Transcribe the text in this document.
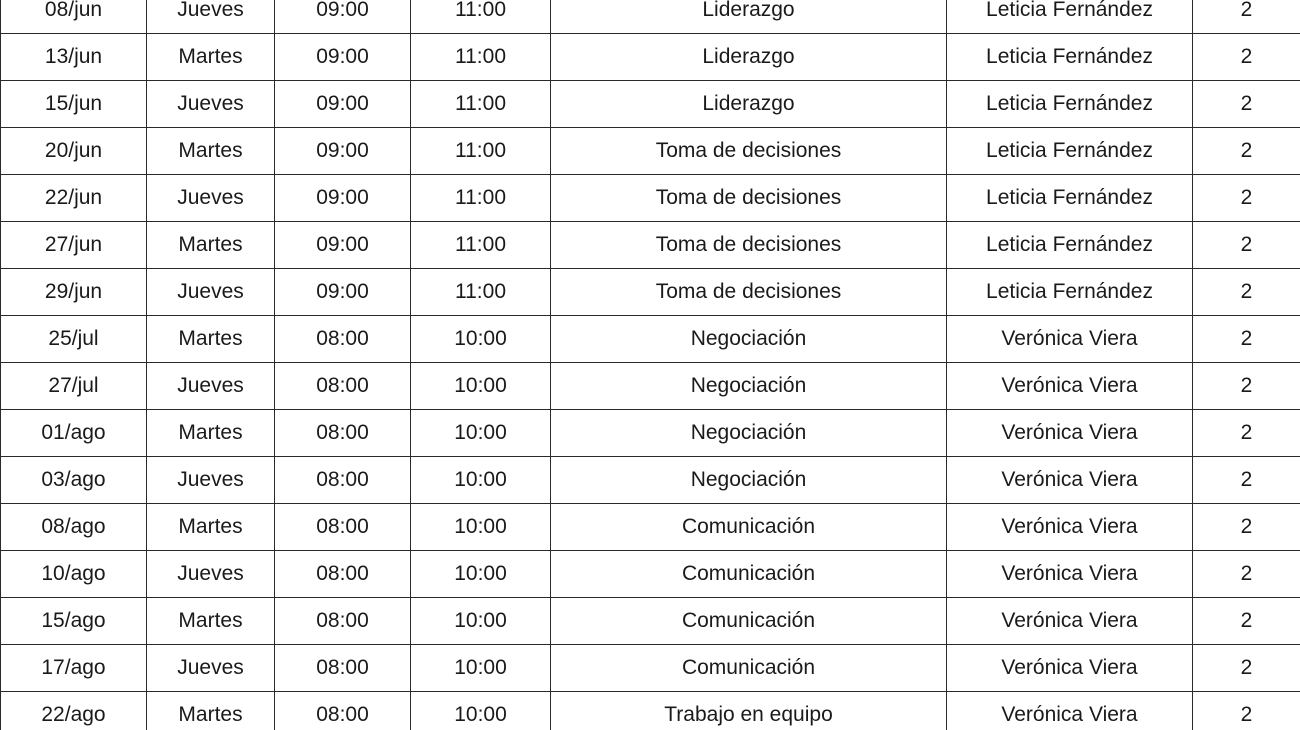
08/jun	Jueves	09:00	11:00	Liderazgo	Leticia Fernández	2
13/jun	Martes	09:00	11:00	Liderazgo	Leticia Fernández	2
15/jun	Jueves	09:00	11:00	Liderazgo	Leticia Fernández	2
20/jun	Martes	09:00	11:00	Toma de decisiones	Leticia Fernández	2
22/jun	Jueves	09:00	11:00	Toma de decisiones	Leticia Fernández	2
27/jun	Martes	09:00	11:00	Toma de decisiones	Leticia Fernández	2
29/jun	Jueves	09:00	11:00	Toma de decisiones	Leticia Fernández	2
25/jul	Martes	08:00	10:00	Negociación	Verónica Viera	2
27/jul	Jueves	08:00	10:00	Negociación	Verónica Viera	2
01/ago	Martes	08:00	10:00	Negociación	Verónica Viera	2
03/ago	Jueves	08:00	10:00	Negociación	Verónica Viera	2
08/ago	Martes	08:00	10:00	Comunicación	Verónica Viera	2
10/ago	Jueves	08:00	10:00	Comunicación	Verónica Viera	2
15/ago	Martes	08:00	10:00	Comunicación	Verónica Viera	2
17/ago	Jueves	08:00	10:00	Comunicación	Verónica Viera	2
22/ago	Martes	08:00	10:00	Trabajo en equipo	Verónica Viera	2
